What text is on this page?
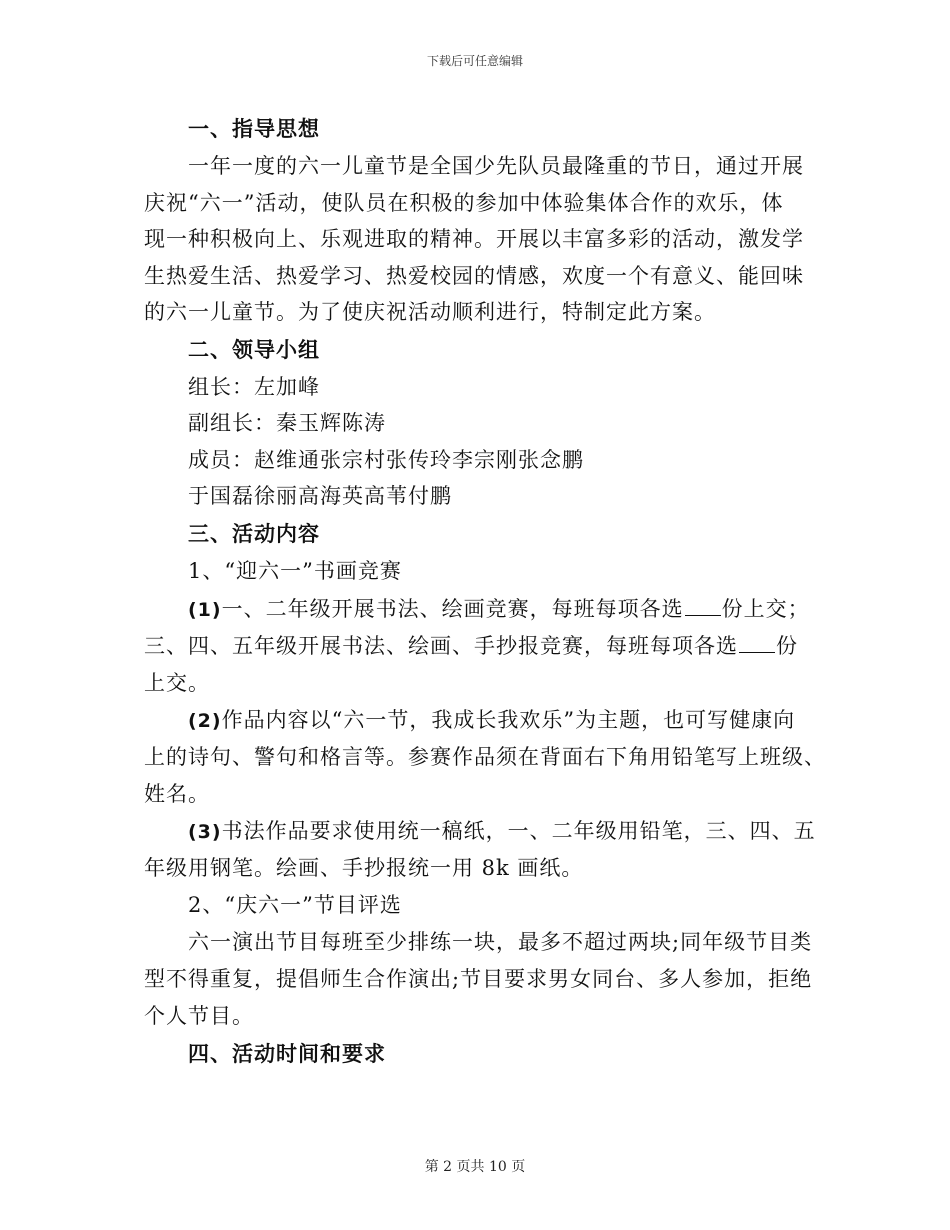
下载后可任意编辑
一、指导思想
一年一度的六一儿童节是全国少先队员最隆重的节日，通过开展
庆祝“六一”活动，使队员在积极的参加中体验集体合作的欢乐，体
现一种积极向上、乐观进取的精神。开展以丰富多彩的活动，激发学
生热爱生活、热爱学习、热爱校园的情感，欢度一个有意义、能回味
的六一儿童节。为了使庆祝活动顺利进行，特制定此方案。
二、领导小组
组长：左加峰
副组长：秦玉辉陈涛
成员：赵维通张宗村张传玲李宗刚张念鹏
于国磊徐丽高海英高苇付鹏
三、活动内容
1、“迎六一”书画竞赛
(1)一、二年级开展书法、绘画竞赛，每班每项各选 份上交；
三、四、五年级开展书法、绘画、手抄报竞赛，每班每项各选 份
上交。
(2)作品内容以“六一节，我成长我欢乐”为主题，也可写健康向
上的诗句、警句和格言等。参赛作品须在背面右下角用铅笔写上班级、
姓名。
(3)书法作品要求使用统一稿纸，一、二年级用铅笔，三、四、五
年级用钢笔。绘画、手抄报统一用 8k 画纸。
2、“庆六一”节目评选
六一演出节目每班至少排练一块，最多不超过两块;同年级节目类
型不得重复，提倡师生合作演出;节目要求男女同台、多人参加，拒绝
个人节目。
四、活动时间和要求
第 2 页共 10 页
